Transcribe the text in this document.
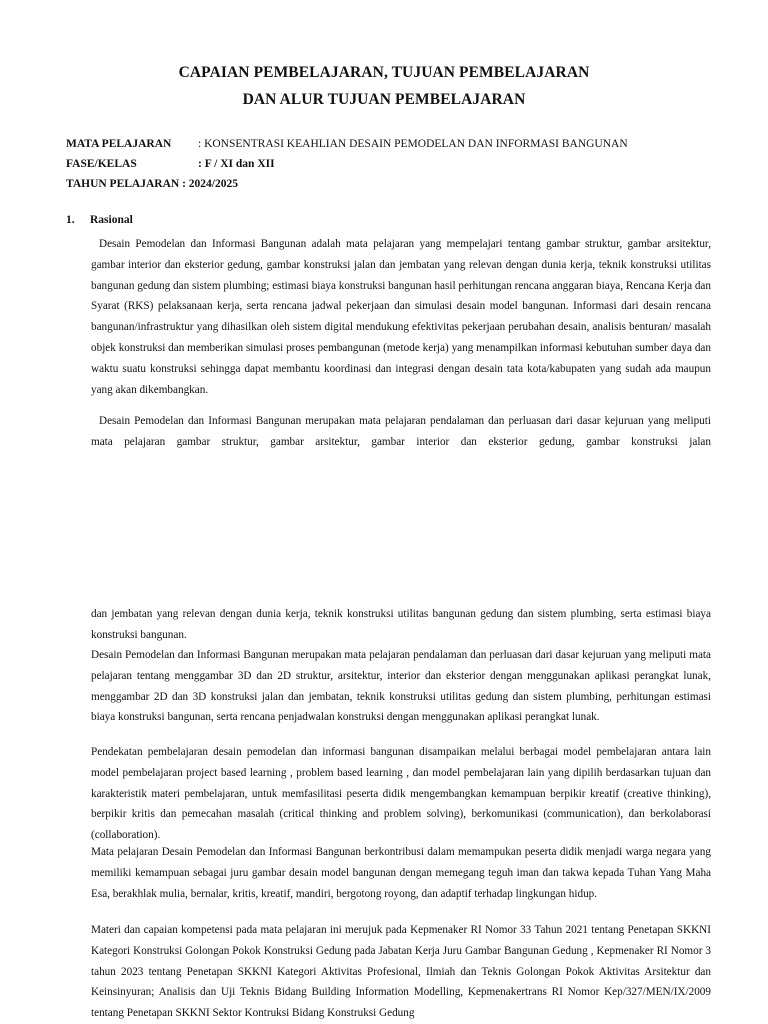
CAPAIAN PEMBELAJARAN, TUJUAN PEMBELAJARAN
DAN ALUR TUJUAN PEMBELAJARAN
MATA PELAJARAN : KONSENTRASI KEAHLIAN DESAIN PEMODELAN DAN INFORMASI BANGUNAN
FASE/KELAS	: F / XI dan XII
TAHUN PELAJARAN : 2024/2025
1. Rasional
Desain Pemodelan dan Informasi Bangunan adalah mata pelajaran yang mempelajari tentang gambar struktur, gambar arsitektur, gambar interior dan eksterior gedung, gambar konstruksi jalan dan jembatan yang relevan dengan dunia kerja, teknik konstruksi utilitas bangunan gedung dan sistem plumbing; estimasi biaya konstruksi bangunan hasil perhitungan rencana anggaran biaya, Rencana Kerja dan Syarat (RKS) pelaksanaan kerja, serta rencana jadwal pekerjaan dan simulasi desain model bangunan. Informasi dari desain rencana bangunan/infrastruktur yang dihasilkan oleh sistem digital mendukung efektivitas pekerjaan perubahan desain, analisis benturan/ masalah objek konstruksi dan memberikan simulasi proses pembangunan (metode kerja) yang menampilkan informasi kebutuhan sumber daya dan waktu suatu konstruksi sehingga dapat membantu koordinasi dan integrasi dengan desain tata kota/kabupaten yang sudah ada maupun yang akan dikembangkan.
Desain Pemodelan dan Informasi Bangunan merupakan mata pelajaran pendalaman dan perluasan dari dasar kejuruan yang meliputi mata pelajaran gambar struktur, gambar arsitektur, gambar interior dan eksterior gedung, gambar konstruksi jalan
dan jembatan yang relevan dengan dunia kerja, teknik konstruksi utilitas bangunan gedung dan sistem plumbing, serta estimasi biaya konstruksi bangunan.
Desain Pemodelan dan Informasi Bangunan merupakan mata pelajaran pendalaman dan perluasan dari dasar kejuruan yang meliputi mata pelajaran tentang menggambar 3D dan 2D struktur, arsitektur, interior dan eksterior dengan menggunakan aplikasi perangkat lunak, menggambar 2D dan 3D konstruksi jalan dan jembatan, teknik konstruksi utilitas gedung dan sistem plumbing, perhitungan estimasi biaya konstruksi bangunan, serta rencana penjadwalan konstruksi dengan menggunakan aplikasi perangkat lunak.
Pendekatan pembelajaran desain pemodelan dan informasi bangunan disampaikan melalui berbagai model pembelajaran antara lain model pembelajaran project based learning , problem based learning , dan model pembelajaran lain yang dipilih berdasarkan tujuan dan karakteristik materi pembelajaran, untuk memfasilitasi peserta didik mengembangkan kemampuan berpikir kreatif (creative thinking), berpikir kritis dan pemecahan masalah (critical thinking and problem solving), berkomunikasi (communication), dan berkolaborasi (collaboration).
Mata pelajaran Desain Pemodelan dan Informasi Bangunan berkontribusi dalam memampukan peserta didik menjadi warga negara yang memiliki kemampuan sebagai juru gambar desain model bangunan dengan memegang teguh iman dan takwa kepada Tuhan Yang Maha Esa, berakhlak mulia, bernalar, kritis, kreatif, mandiri, bergotong royong, dan adaptif terhadap lingkungan hidup.
Materi dan capaian kompetensi pada mata pelajaran ini merujuk pada Kepmenaker RI Nomor 33 Tahun 2021 tentang Penetapan SKKNI Kategori Konstruksi Golongan Pokok Konstruksi Gedung pada Jabatan Kerja Juru Gambar Bangunan Gedung , Kepmenaker RI Nomor 3 tahun 2023 tentang Penetapan SKKNI Kategori Aktivitas Profesional, Ilmiah dan Teknis Golongan Pokok Aktivitas Arsitektur dan Keinsinyuran; Analisis dan Uji Teknis Bidang Building Information Modelling, Kepmenakertrans RI Nomor Kep/327/MEN/IX/2009 tentang Penetapan SKKNI Sektor Kontruksi Bidang Konstruksi Gedung
